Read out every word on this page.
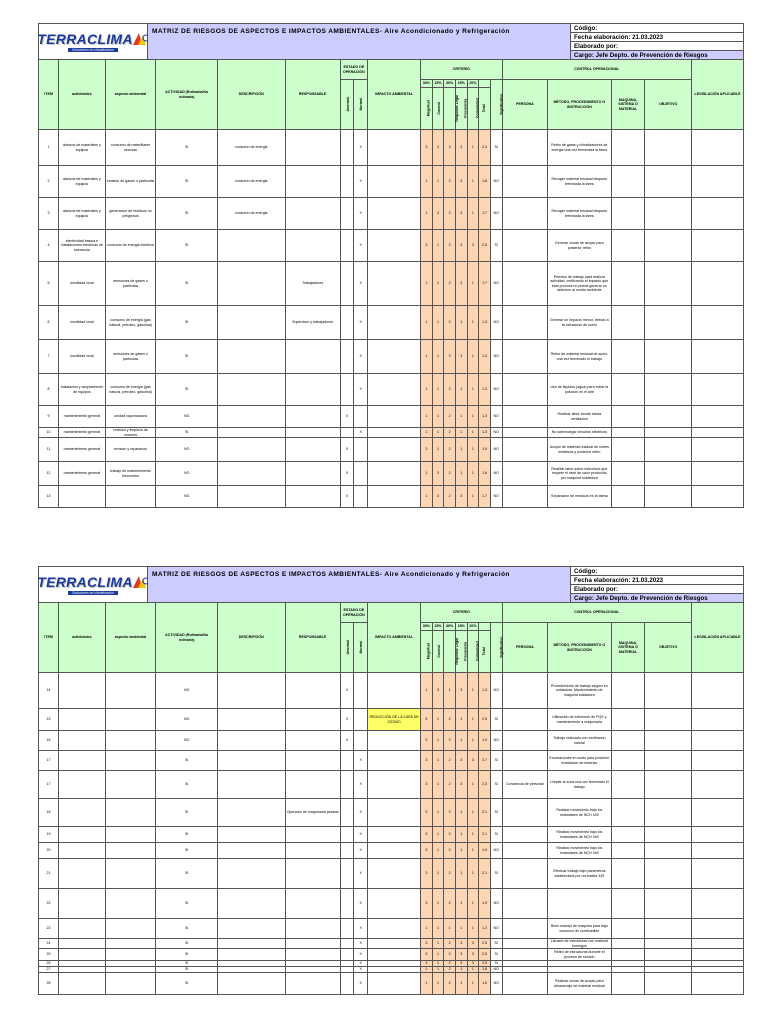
TERRACLIMA
Soluciones en climatizacion
MATRIZ DE RIESGOS DE ASPECTOS E IMPACTOS AMBIENTALES- Aire Acondicionado y Refrigeración	Código:
Fecha elaboración: 21.03.2023
Elaborado por:
Cargo: Jefe Depto. de Prevención de Riesgos
ITEM	actividades	aspecto ambiental	ACTIVIDAD (Rutinaria/No rutinaria)	DESCRIPCIÓN	RESPONSABLE	ESTADO DE OPERACIÓN		IMPACTO AMBIENTAL	CRITERIO							CONTROL OPERACIONAL				LEGISLACIÓN APLICABLE
						Anormal	Normal		30%	15%	30%	15%	20%		Significativo	PERSONA	MÉTODO, PROCEDIMIENTO O INSTRUCCIÓN	MAQUINA, SISTEMA O MATERIAL	OBJETIVO	
									Magnitud	Control	Requisito Legal	Frecuencia	Comunidad	Total						
1	alanzos de materiales y equipos	consumo de materiliaser resuoas	SI	consumo de energia			X		3	3	3	3	1	2.3	SI		Retiro de gatas y climatizadores de energia una vez terminada la tarea			
2	alanzos de materiales y equipos	emision de gases o particulas	SI	consumo de energia			X		1	1	2	3	1	1.8	NO		Recoger material residual despues terminada la tarea			
3	alanzos de materiales y equipos	generacion de residuos no peligrosos	SI	consumo de energia			X		1	3	2	3	1	1.7	NO		Recoger material residual despues terminada la tarea			
4	electricidad basica e instalaciones electricas de tolerancia	consumo de energia electrica	SI				X		3	1	2	3	3	2.5	SI		Generar zonas de acopio para posterior retiro			
5	movilidad local	emisiones de gases o particulas	SI		Trabajadores		X		1	1	2	3	1	1.7	NO		Permiso de trabajo para realizar actividad, verificando el impacto que esta provoca no pueda generar un deterioro al medio ambiente			
6	movilidad local	consumo de energia (gas natural, petroleo, gasolina)	SI		Supervisor y trabajadores		X		1	1	2	1	1	1.3	NO		Generar un impacto menor, debido a la extraccion de suelo			
7	movilidad local	emisiones de gases o particulas	SI				X		1	1	2	3	1	1.3	NO		Retiro de material residual de suelo, una vez terminado el trabajo			
8	instalacion y acoplamiento de equipos	consumo de energia (gas natural, petroleo, gasolina)	SI				X		1	1	2	1	1	1.3	NO		Uso de liquidos (agua) para evitar la polucion en el aire			
9	mantenimiento general	unidad vaporizadora	NO			X			1	1	2	1	1	1.3	NO		Realizar labor donde exista ventilacion			
10	mantenimiento general	revision y limpieza de motores	SI				X		1	1	2	1	1	1.3	NO		No sobrecargar circuitos electricos			
11	mantenimiento general	revision y reparacion	NO			X			3	1	2	1	1	1.9	NO		Acopio de material residual de cortes metalicos y posterior retiro			
12	mantenimiento general	trabajo de mantenimiento frecuentes	NO			X			1	3	2	1	1	1.6	NO		Realizar labor sobre estructura que respete el nivel de calor producido por maquina soldadora			
13			NO			X			1	3	2	3	1	1.7	NO		Separacion de residuos en la faena			
TERRACLIMA
Soluciones en climatizacion
MATRIZ DE RIESGOS DE ASPECTOS E IMPACTOS AMBIENTALES- Aire Acondicionado y Refrigeración	Código:
Fecha elaboración: 21.03.2023
Elaborado por:
Cargo: Jefe Depto. de Prevención de Riesgos
ITEM	actividades	aspecto ambiental	ACTIVIDAD (Rutinaria/No rutinaria)	DESCRIPCIÓN	RESPONSABLE	ESTADO DE OPERACIÓN		IMPACTO AMBIENTAL	CRITERIO							CONTROL OPERACIONAL				LEGISLACIÓN APLICABLE
						Anormal	Normal		30%	15%	30%	15%	20%		Significativo	PERSONA	MÉTODO, PROCEDIMIENTO O INSTRUCCIÓN	MAQUINA, SISTEMA O MATERIAL	OBJETIVO	
									Magnitud	Control	Requisito Legal	Frecuencia	Comunidad	Total						
14			NO			X			1	3	1	3	1	1.3	NO		Procedimiento de trabajo seguro en soldadura. Mantenimiento de maquina soldadora			
15			NO			X		REDUCCIÓN DE LA CAPA DE OZONO	5	1	2	1	1	2.5	SI		Utilizacion de extintores de PQS y mantenimiento a maquinaria			
16			NO			X			3	1	2	1	1	1.9	NO		Trabajo realizado con ventilacion natural			
17			SI				X		3	1	2	3	3	2.7	SI		Excavaciones en suelo para posterior instalacion de tuberias			
17			SI				X		3	1	2	3	1	2.3	SI	Conciencia de personal	Limpiar la zona una vez terminado el trabajo			
18			SI		Operador de maquinaria pesada		X		3	1	2	1	1	2.1	SI		Realizar movimiento bajo los estandares de NCH 349			
19			SI				X		3	1	2	1	1	2.1	SI		Realizar movimiento bajo los estandares de NCH 349			
20			SI				X		3	1	2	1	1	1.9	NO		Realizar movimiento bajo los estandares de NCH 349			
21			SI				X		3	1	2	1	1	2.1	SI		Efectuar trabajo bajo parametros establecidos por normativa 349			
22			SI				X		3	1	2	1	1	1.9	NO					
23			SI				X		1	1	1	1	1	1.2	NO		Buen manejo de maquina para bajo consumo de combustible			
24			SI				X		3	1	2	3	3	2.5	SI		Llenado de estructuras con material hormigon			
25			SI				X		3	1	2	3	3	2.5	SI		Retiro de estructuras durante el proceso de secado			
26			SI				X		3	1	2	3	3	2.5	SI					
27			SI				X		1	1	2	1	1	1.8	NO					
28			SI				X		1	1	2	1	1	1.6	NO		Realizar zonas de acopio para almacenaje de material residual			
